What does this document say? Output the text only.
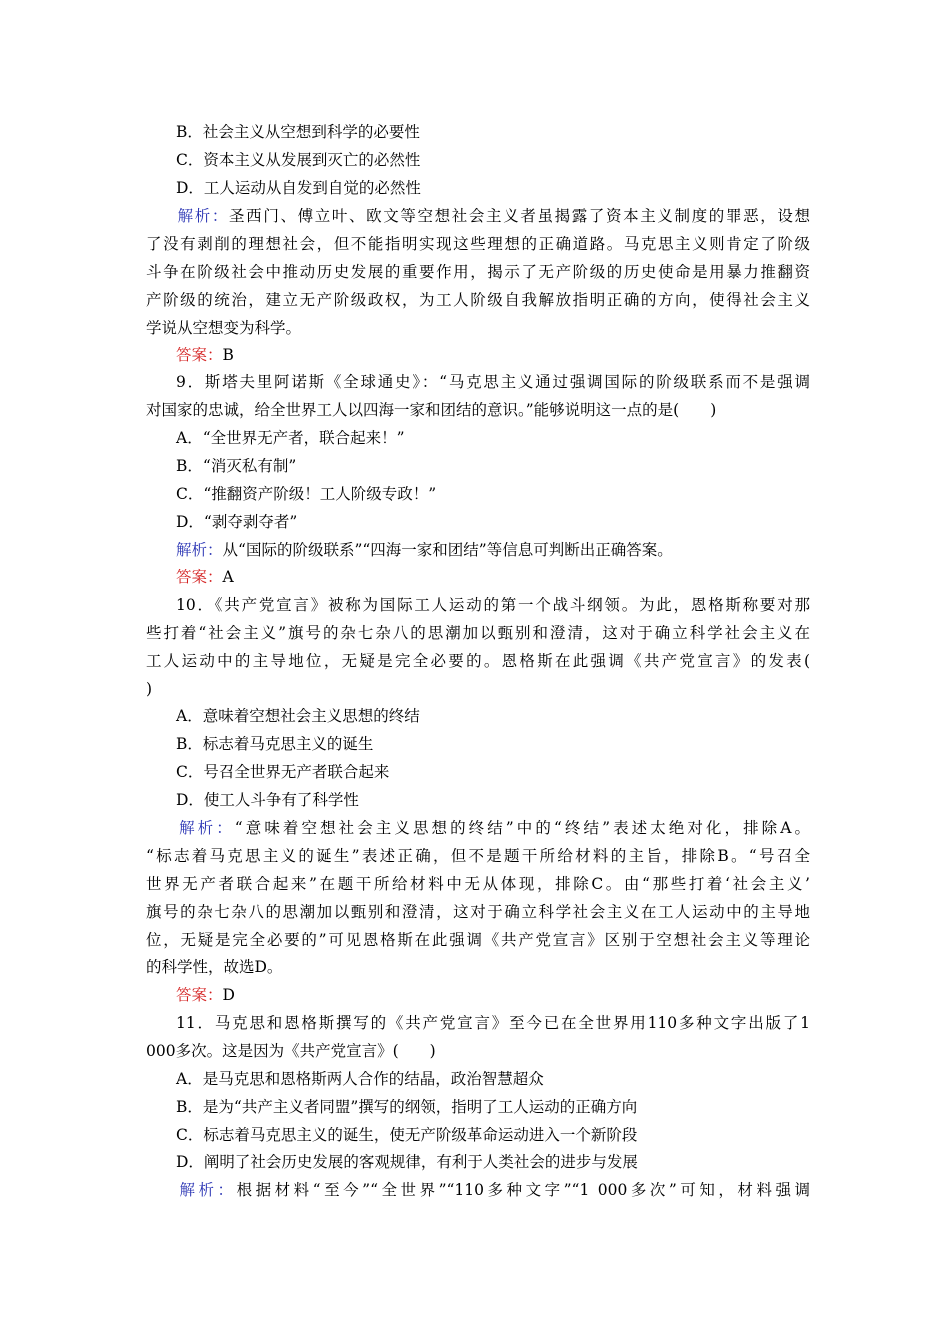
B．社会主义从空想到科学的必要性
C．资本主义从发展到灭亡的必然性
D．工人运动从自发到自觉的必然性
解析：圣西门、傅立叶、欧文等空想社会主义者虽揭露了资本主义制度的罪恶，设想
了没有剥削的理想社会，但不能指明实现这些理想的正确道路。马克思主义则肯定了阶级
斗争在阶级社会中推动历史发展的重要作用，揭示了无产阶级的历史使命是用暴力推翻资
产阶级的统治，建立无产阶级政权，为工人阶级自我解放指明正确的方向，使得社会主义
学说从空想变为科学。
答案：B
9．斯塔夫里阿诺斯《全球通史》：“马克思主义通过强调国际的阶级联系而不是强调
对国家的忠诚，给全世界工人以四海一家和团结的意识。”能够说明这一点的是(　　)
A．“全世界无产者，联合起来！”
B．“消灭私有制”
C．“推翻资产阶级！工人阶级专政！”
D．“剥夺剥夺者”
解析：从“国际的阶级联系”“四海一家和团结”等信息可判断出正确答案。
答案：A
10．《共产党宣言》被称为国际工人运动的第一个战斗纲领。为此，恩格斯称要对那
些打着“社会主义”旗号的杂七杂八的思潮加以甄别和澄清，这对于确立科学社会主义在
工人运动中的主导地位，无疑是完全必要的。恩格斯在此强调《共产党宣言》的发表(
)
A．意味着空想社会主义思想的终结
B．标志着马克思主义的诞生
C．号召全世界无产者联合起来
D．使工人斗争有了科学性
解析：“意味着空想社会主义思想的终结”中的“终结”表述太绝对化，排除A。
“标志着马克思主义的诞生”表述正确，但不是题干所给材料的主旨，排除B。“号召全
世界无产者联合起来”在题干所给材料中无从体现，排除C。由“那些打着‘社会主义’
旗号的杂七杂八的思潮加以甄别和澄清，这对于确立科学社会主义在工人运动中的主导地
位，无疑是完全必要的”可见恩格斯在此强调《共产党宣言》区别于空想社会主义等理论
的科学性，故选D。
答案：D
11．马克思和恩格斯撰写的《共产党宣言》至今已在全世界用110多种文字出版了1
000多次。这是因为《共产党宣言》(　　)
A．是马克思和恩格斯两人合作的结晶，政治智慧超众
B．是为“共产主义者同盟”撰写的纲领，指明了工人运动的正确方向
C．标志着马克思主义的诞生，使无产阶级革命运动进入一个新阶段
D．阐明了社会历史发展的客观规律，有利于人类社会的进步与发展
解析：根据材料“至今”“全世界”“110多种文字”“1 000多次”可知，材料强调
